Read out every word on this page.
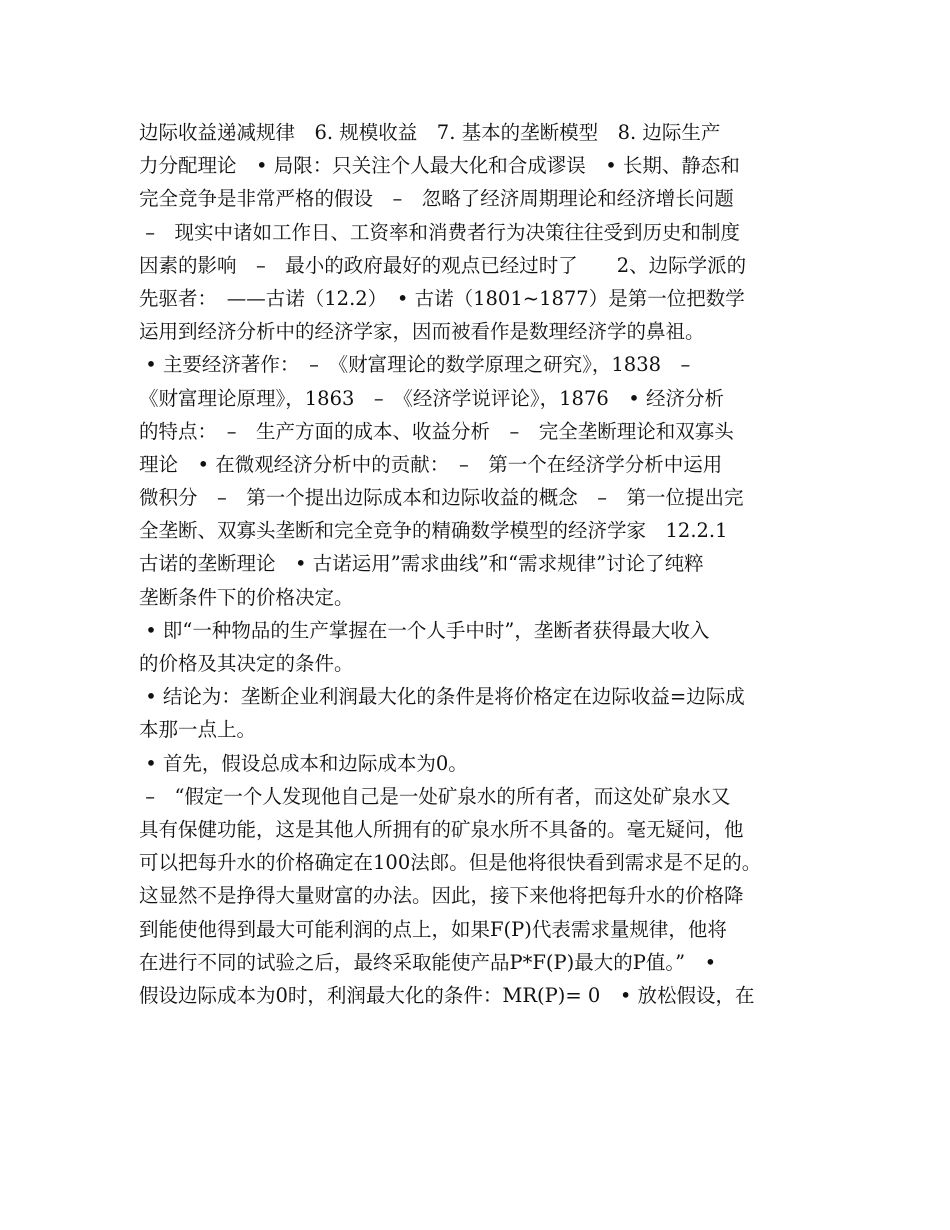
边际收益递减规律　6. 规模收益　7. 基本的垄断模型　8. 边际生产
力分配理论　• 局限：只关注个人最大化和合成谬误　• 长期、静态和
完全竞争是非常严格的假设　–　忽略了经济周期理论和经济增长问题
–　现实中诸如工作日、工资率和消费者行为决策往往受到历史和制度
因素的影响　–　最小的政府最好的观点已经过时了　　2、边际学派的
先驱者：　——古诺（12.2）　• 古诺（1801~1877）是第一位把数学
运用到经济分析中的经济学家，因而被看作是数理经济学的鼻祖。
• 主要经济著作：　–　《财富理论的数学原理之研究》，1838　–
《财富理论原理》，1863　–　《经济学说评论》，1876　• 经济分析
的特点：　–　生产方面的成本、收益分析　–　完全垄断理论和双寡头
理论　• 在微观经济分析中的贡献：　–　第一个在经济学分析中运用
微积分　–　第一个提出边际成本和边际收益的概念　–　第一位提出完
全垄断、双寡头垄断和完全竞争的精确数学模型的经济学家　12.2.1
古诺的垄断理论　• 古诺运用”需求曲线”和“需求规律”讨论了纯粹
垄断条件下的价格决定。
• 即“一种物品的生产掌握在一个人手中时”，垄断者获得最大收入
的价格及其决定的条件。
• 结论为：垄断企业利润最大化的条件是将价格定在边际收益=边际成
本那一点上。
• 首先，假设总成本和边际成本为0。
–　“假定一个人发现他自己是一处矿泉水的所有者，而这处矿泉水又
具有保健功能，这是其他人所拥有的矿泉水所不具备的。毫无疑问，他
可以把每升水的价格确定在100法郎。但是他将很快看到需求是不足的。
这显然不是挣得大量财富的办法。因此，接下来他将把每升水的价格降
到能使他得到最大可能利润的点上，如果F(P)代表需求量规律，他将
在进行不同的试验之后，最终采取能使产品P*F(P)最大的P值。”　•
假设边际成本为0时，利润最大化的条件：MR(P)= 0　• 放松假设，在
